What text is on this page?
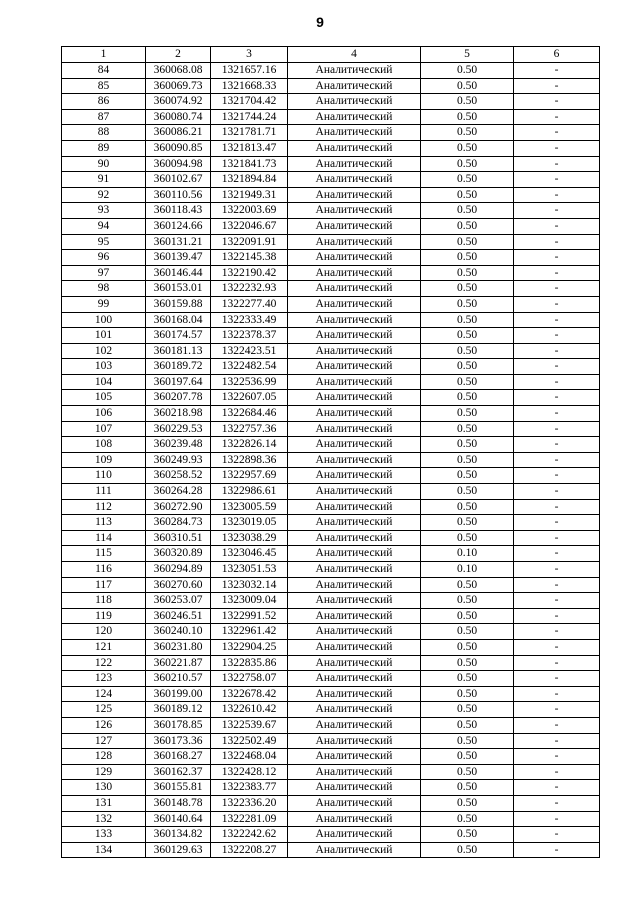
9
1	2	3	4	5	6
84	360068.08	1321657.16	Аналитический	0.50	-
85	360069.73	1321668.33	Аналитический	0.50	-
86	360074.92	1321704.42	Аналитический	0.50	-
87	360080.74	1321744.24	Аналитический	0.50	-
88	360086.21	1321781.71	Аналитический	0.50	-
89	360090.85	1321813.47	Аналитический	0.50	-
90	360094.98	1321841.73	Аналитический	0.50	-
91	360102.67	1321894.84	Аналитический	0.50	-
92	360110.56	1321949.31	Аналитический	0.50	-
93	360118.43	1322003.69	Аналитический	0.50	-
94	360124.66	1322046.67	Аналитический	0.50	-
95	360131.21	1322091.91	Аналитический	0.50	-
96	360139.47	1322145.38	Аналитический	0.50	-
97	360146.44	1322190.42	Аналитический	0.50	-
98	360153.01	1322232.93	Аналитический	0.50	-
99	360159.88	1322277.40	Аналитический	0.50	-
100	360168.04	1322333.49	Аналитический	0.50	-
101	360174.57	1322378.37	Аналитический	0.50	-
102	360181.13	1322423.51	Аналитический	0.50	-
103	360189.72	1322482.54	Аналитический	0.50	-
104	360197.64	1322536.99	Аналитический	0.50	-
105	360207.78	1322607.05	Аналитический	0.50	-
106	360218.98	1322684.46	Аналитический	0.50	-
107	360229.53	1322757.36	Аналитический	0.50	-
108	360239.48	1322826.14	Аналитический	0.50	-
109	360249.93	1322898.36	Аналитический	0.50	-
110	360258.52	1322957.69	Аналитический	0.50	-
111	360264.28	1322986.61	Аналитический	0.50	-
112	360272.90	1323005.59	Аналитический	0.50	-
113	360284.73	1323019.05	Аналитический	0.50	-
114	360310.51	1323038.29	Аналитический	0.50	-
115	360320.89	1323046.45	Аналитический	0.10	-
116	360294.89	1323051.53	Аналитический	0.10	-
117	360270.60	1323032.14	Аналитический	0.50	-
118	360253.07	1323009.04	Аналитический	0.50	-
119	360246.51	1322991.52	Аналитический	0.50	-
120	360240.10	1322961.42	Аналитический	0.50	-
121	360231.80	1322904.25	Аналитический	0.50	-
122	360221.87	1322835.86	Аналитический	0.50	-
123	360210.57	1322758.07	Аналитический	0.50	-
124	360199.00	1322678.42	Аналитический	0.50	-
125	360189.12	1322610.42	Аналитический	0.50	-
126	360178.85	1322539.67	Аналитический	0.50	-
127	360173.36	1322502.49	Аналитический	0.50	-
128	360168.27	1322468.04	Аналитический	0.50	-
129	360162.37	1322428.12	Аналитический	0.50	-
130	360155.81	1322383.77	Аналитический	0.50	-
131	360148.78	1322336.20	Аналитический	0.50	-
132	360140.64	1322281.09	Аналитический	0.50	-
133	360134.82	1322242.62	Аналитический	0.50	-
134	360129.63	1322208.27	Аналитический	0.50	-
